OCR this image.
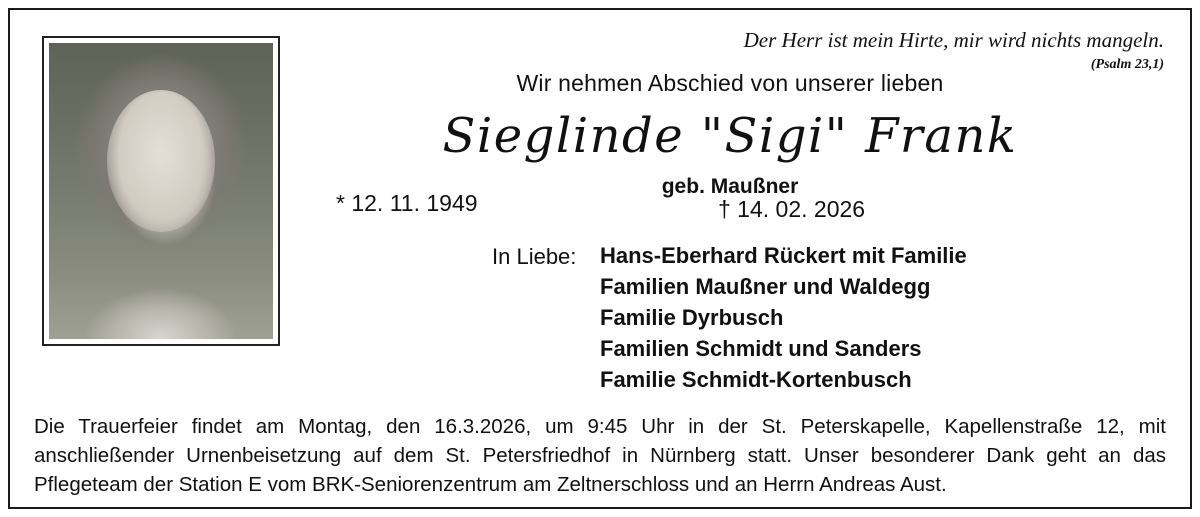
Der Herr ist mein Hirte, mir wird nichts mangeln.
(Psalm 23,1)
Wir nehmen Abschied von unserer lieben
Sieglinde "Sigi" Frank
geb. Maußner
* 12. 11. 1949	† 14. 02. 2026
In Liebe: Hans-Eberhard Rückert mit Familie
Familien Maußner und Waldegg
Familie Dyrbusch
Familien Schmidt und Sanders
Familie Schmidt-Kortenbusch
Die Trauerfeier findet am Montag, den 16.3.2026, um 9:45 Uhr in der St. Peterskapelle, Kapellenstraße 12, mit anschließender Urnenbeisetzung auf dem St. Petersfriedhof in Nürnberg statt. Unser besonderer Dank geht an das Pflegeteam der Station E vom BRK-Seniorenzentrum am Zeltnerschloss und an Herrn Andreas Aust.
